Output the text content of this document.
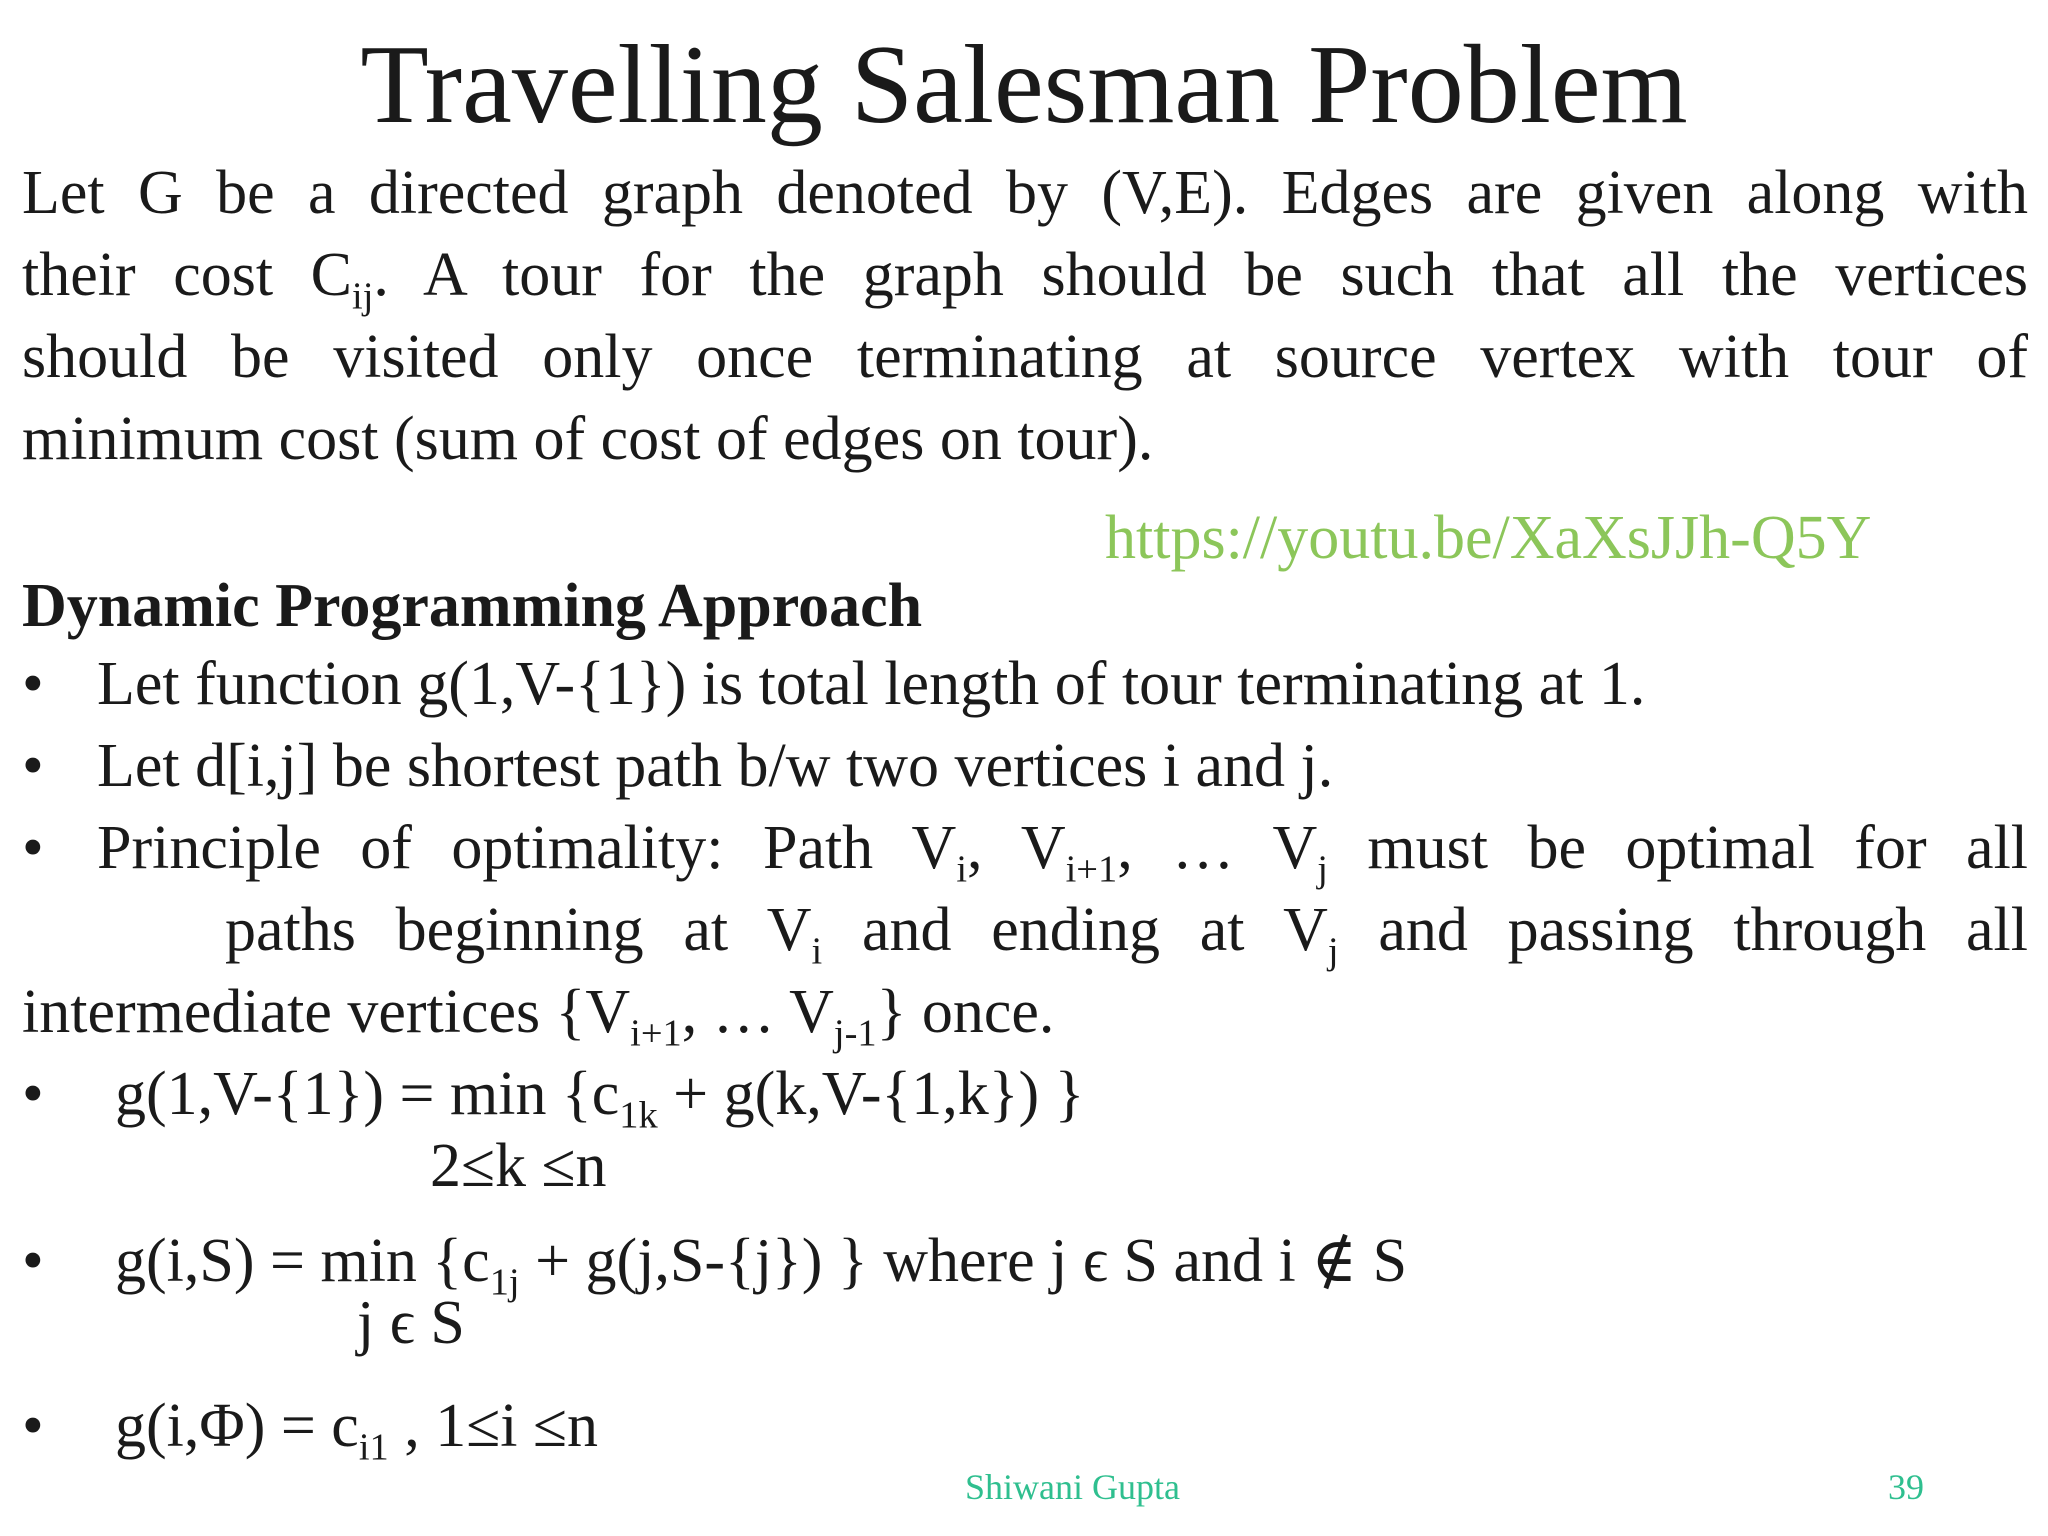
Travelling Salesman Problem
Let G be a directed graph denoted by (V,E). Edges are given along with
their cost $C_{ij}$. A tour for the graph should be such that all the vertices
should be visited only once terminating at source vertex with tour of
minimum cost (sum of cost of edges on tour).
https://youtu.be/XaXsJJh-Q5Y
Dynamic Programming Approach
• Let function g(1,V-{1}) is total length of tour terminating at 1.
• Let d[i,j] be shortest path b/w two vertices i and j.
• Principle of optimality: Path $V_i$, $V_{i+1}$, … $V_j$ must be optimal for all
paths beginning at $V_i$ and ending at $V_j$ and passing through all
intermediate vertices {$V_{i+1}$, … $V_{j-1}$} once.
• $g(1,V-\{1\}) = \min \{c_{1k} + g(k,V-\{1,k\})$ }
2≤k ≤n
• $g(i,S) = \min \{c_{1j} + g(j,S-\{j\})$ } where j ϵ S and i ∉ S
j ϵ S
• $g(i,\Phi) = c_{i1}$ , 1≤i ≤n
Shiwani Gupta	39
